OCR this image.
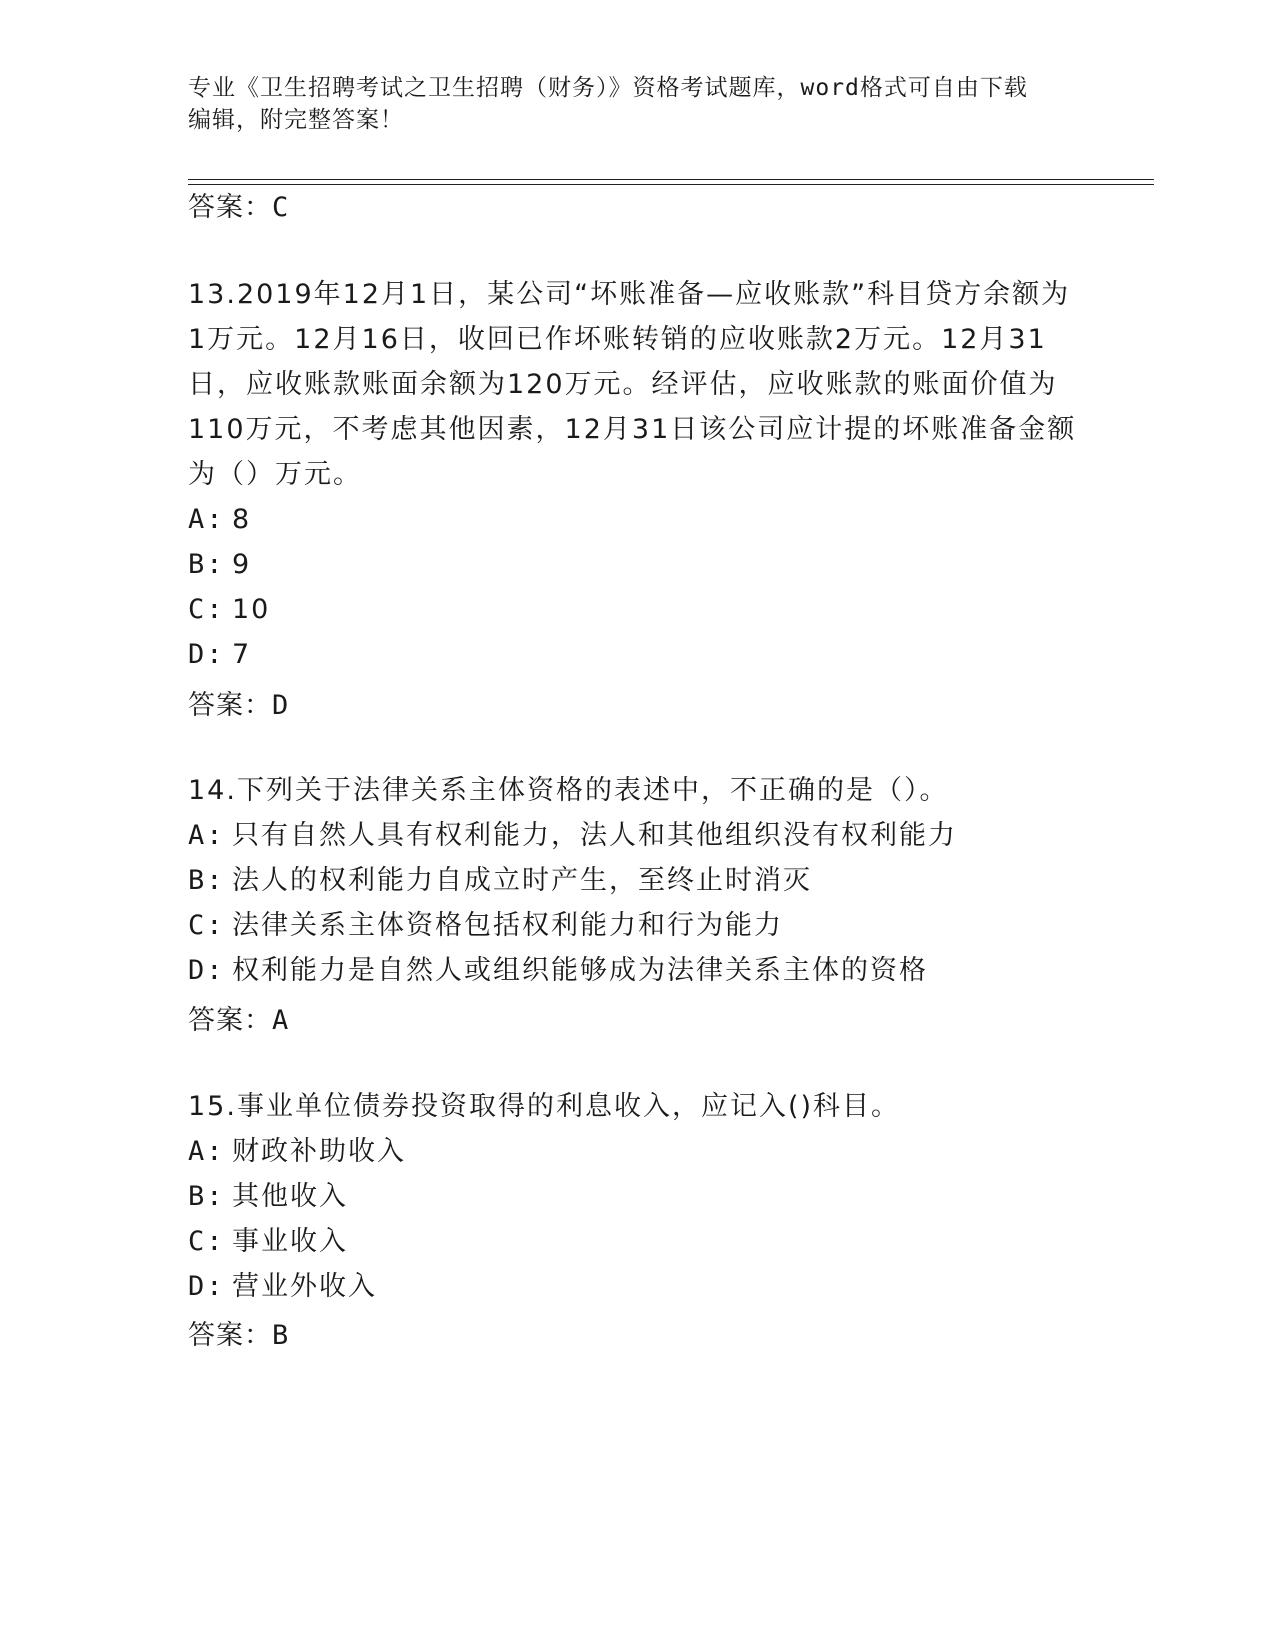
专业《卫生招聘考试之卫生招聘（财务）》资格考试题库，word格式可自由下载
编辑，附完整答案！
答案：C

13.2019年12月1日，某公司“坏账准备—应收账款”科目贷方余额为1万元。12月16日，收回已作坏账转销的应收账款2万元。12月31日，应收账款账面余额为120万元。经评估，应收账款的账面价值为110万元，不考虑其他因素，12月31日该公司应计提的坏账准备金额为（）万元。

A: 8
B: 9
C: 10
D: 7
答案：D

14.下列关于法律关系主体资格的表述中，不正确的是（）。

A: 只有自然人具有权利能力，法人和其他组织没有权利能力
B: 法人的权利能力自成立时产生，至终止时消灭
C: 法律关系主体资格包括权利能力和行为能力
D: 权利能力是自然人或组织能够成为法律关系主体的资格
答案：A

15.事业单位债券投资取得的利息收入，应记入()科目。

A: 财政补助收入
B: 其他收入
C: 事业收入
D: 营业外收入
答案：B
